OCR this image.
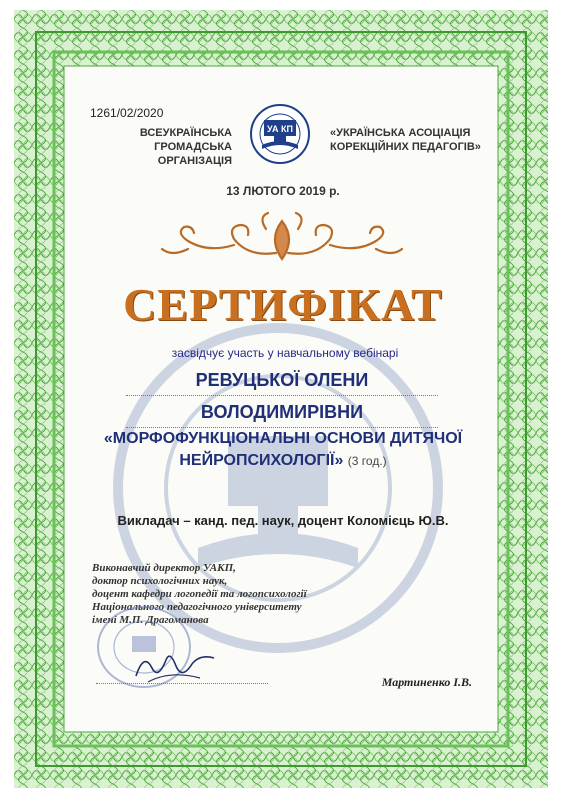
1261/02/2020
ВСЕУКРАЇНСЬКА
ГРОМАДСЬКА ОРГАНІЗАЦІЯ
УА КП	«УКРАЇНСЬКА АСОЦІАЦІЯ
КОРЕКЦІЙНИХ ПЕДАГОГІВ»
13 ЛЮТОГО 2019 р.
СЕРТИФІКАТ
засвідчує участь у навчальному вебінарі
РЕВУЦЬКОЇ ОЛЕНИ
ВОЛОДИМИРІВНИ
«МОРФОФУНКЦІОНАЛЬНІ ОСНОВИ ДИТЯЧОЇ
НЕЙРОПСИХОЛОГІЇ» (3 год.)
Викладач – канд. пед. наук, доцент Коломієць Ю.В.
Виконавчий директор УАКП,
доктор психологічних наук,
доцент кафедри логопедії та логопсихології
Національного педагогічного університету
імені М.П. Драгоманова
Мартиненко І.В.
